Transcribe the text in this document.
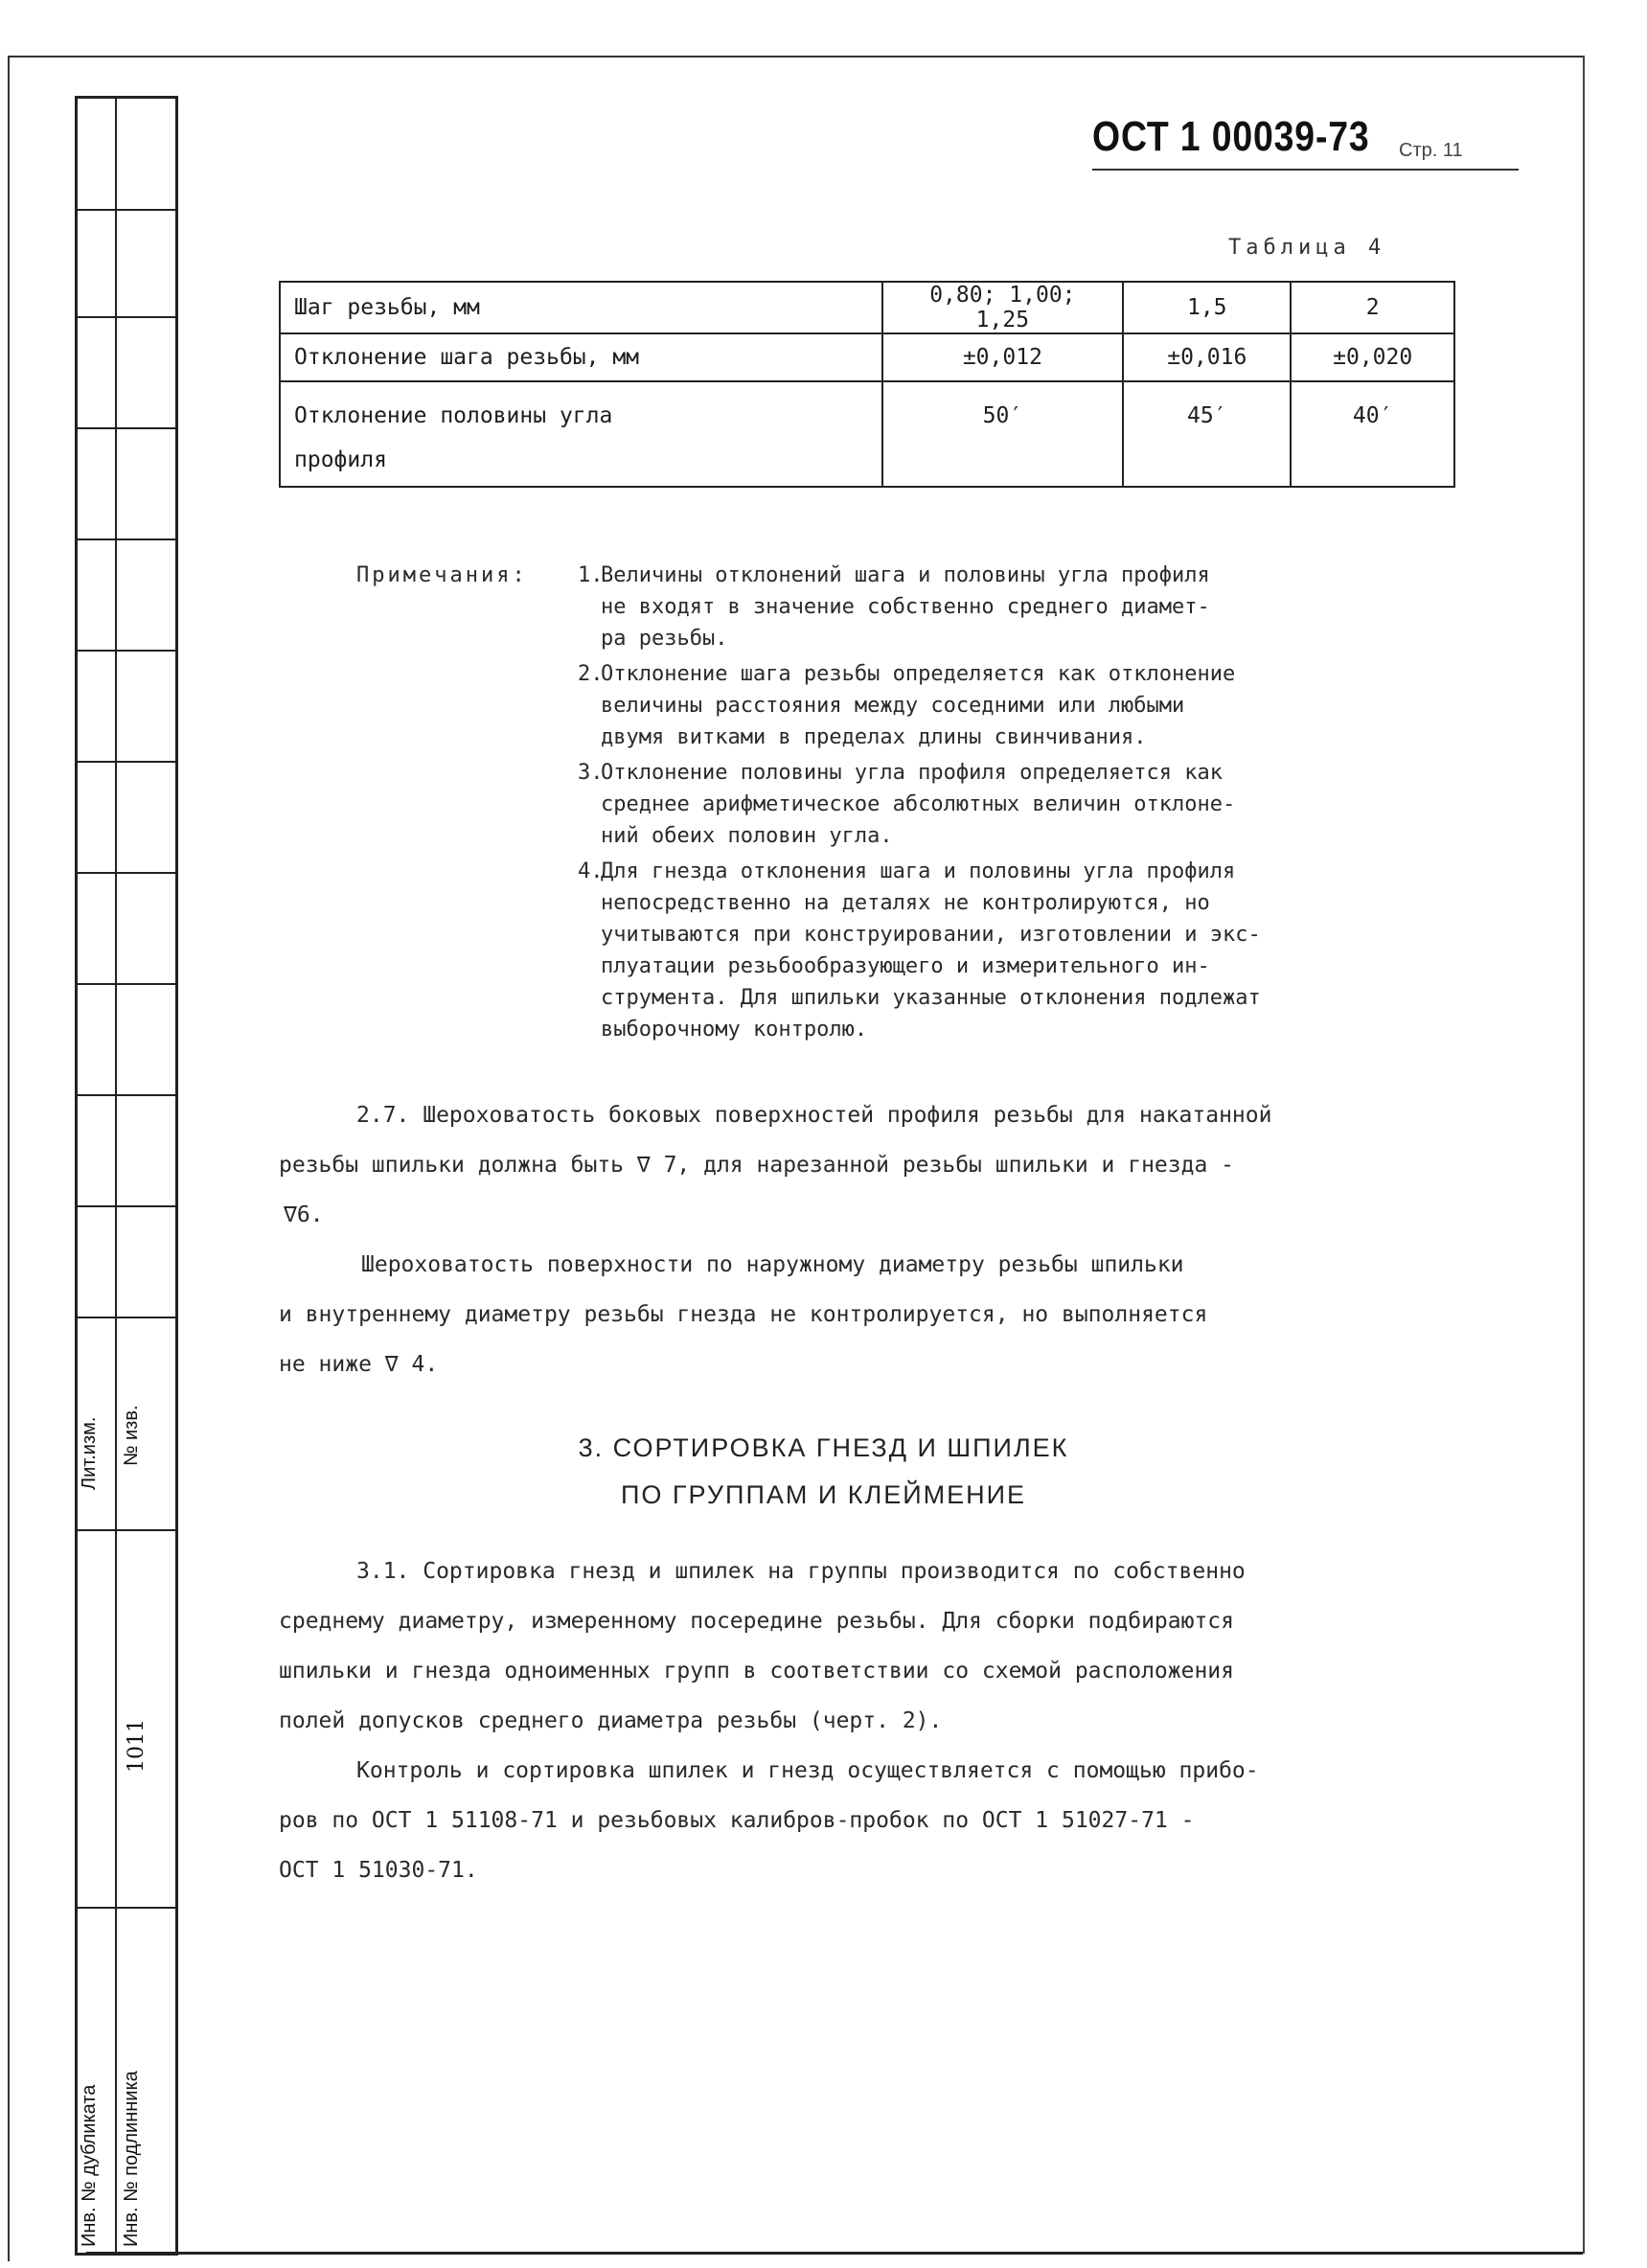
Лит.изм. № изв.
1011
Инв. № дубликата Инв. № подлинника
ОСТ 1 00039-73 Стр. 11
Таблица 4
Шаг резьбы, мм	0,80; 1,00; 1,25	1,5	2
Отклонение шага резьбы, мм	±0,012	±0,016	±0,020
Отклонение половины угла профиля	50′	45′	40′
Примечания: 1.
Величины отклонений шага и половины угла профиля
не входят в значение собственно среднего диамет-
ра резьбы.
2.
Отклонение шага резьбы определяется как отклонение
величины расстояния между соседними или любыми
двумя витками в пределах длины свинчивания.
3.
Отклонение половины угла профиля определяется как
среднее арифметическое абсолютных величин отклоне-
ний обеих половин угла.
4.
Для гнезда отклонения шага и половины угла профиля
непосредственно на деталях не контролируются, но
учитываются при конструировании, изготовлении и экс-
плуатации резьбообразующего и измерительного ин-
струмента. Для шпильки указанные отклонения подлежат
выборочному контролю.
2.7. Шероховатость боковых поверхностей профиля резьбы для накатанной
резьбы шпильки должна быть ∇ 7, для нарезанной резьбы шпильки и гнезда -
∇6.
Шероховатость поверхности по наружному диаметру резьбы шпильки
и внутреннему диаметру резьбы гнезда не контролируется, но выполняется
не ниже ∇ 4.
3. СОРТИРОВКА ГНЕЗД И ШПИЛЕК
ПО ГРУППАМ И КЛЕЙМЕНИЕ
3.1. Сортировка гнезд и шпилек на группы производится по собственно
среднему диаметру, измеренному посередине резьбы. Для сборки подбираются
шпильки и гнезда одноименных групп в соответствии со схемой расположения
полей допусков среднего диаметра резьбы (черт. 2).
Контроль и сортировка шпилек и гнезд осуществляется с помощью прибо-
ров по ОСТ 1 51108-71 и резьбовых калибров-пробок по ОСТ 1 51027-71 -
ОСТ 1 51030-71.
